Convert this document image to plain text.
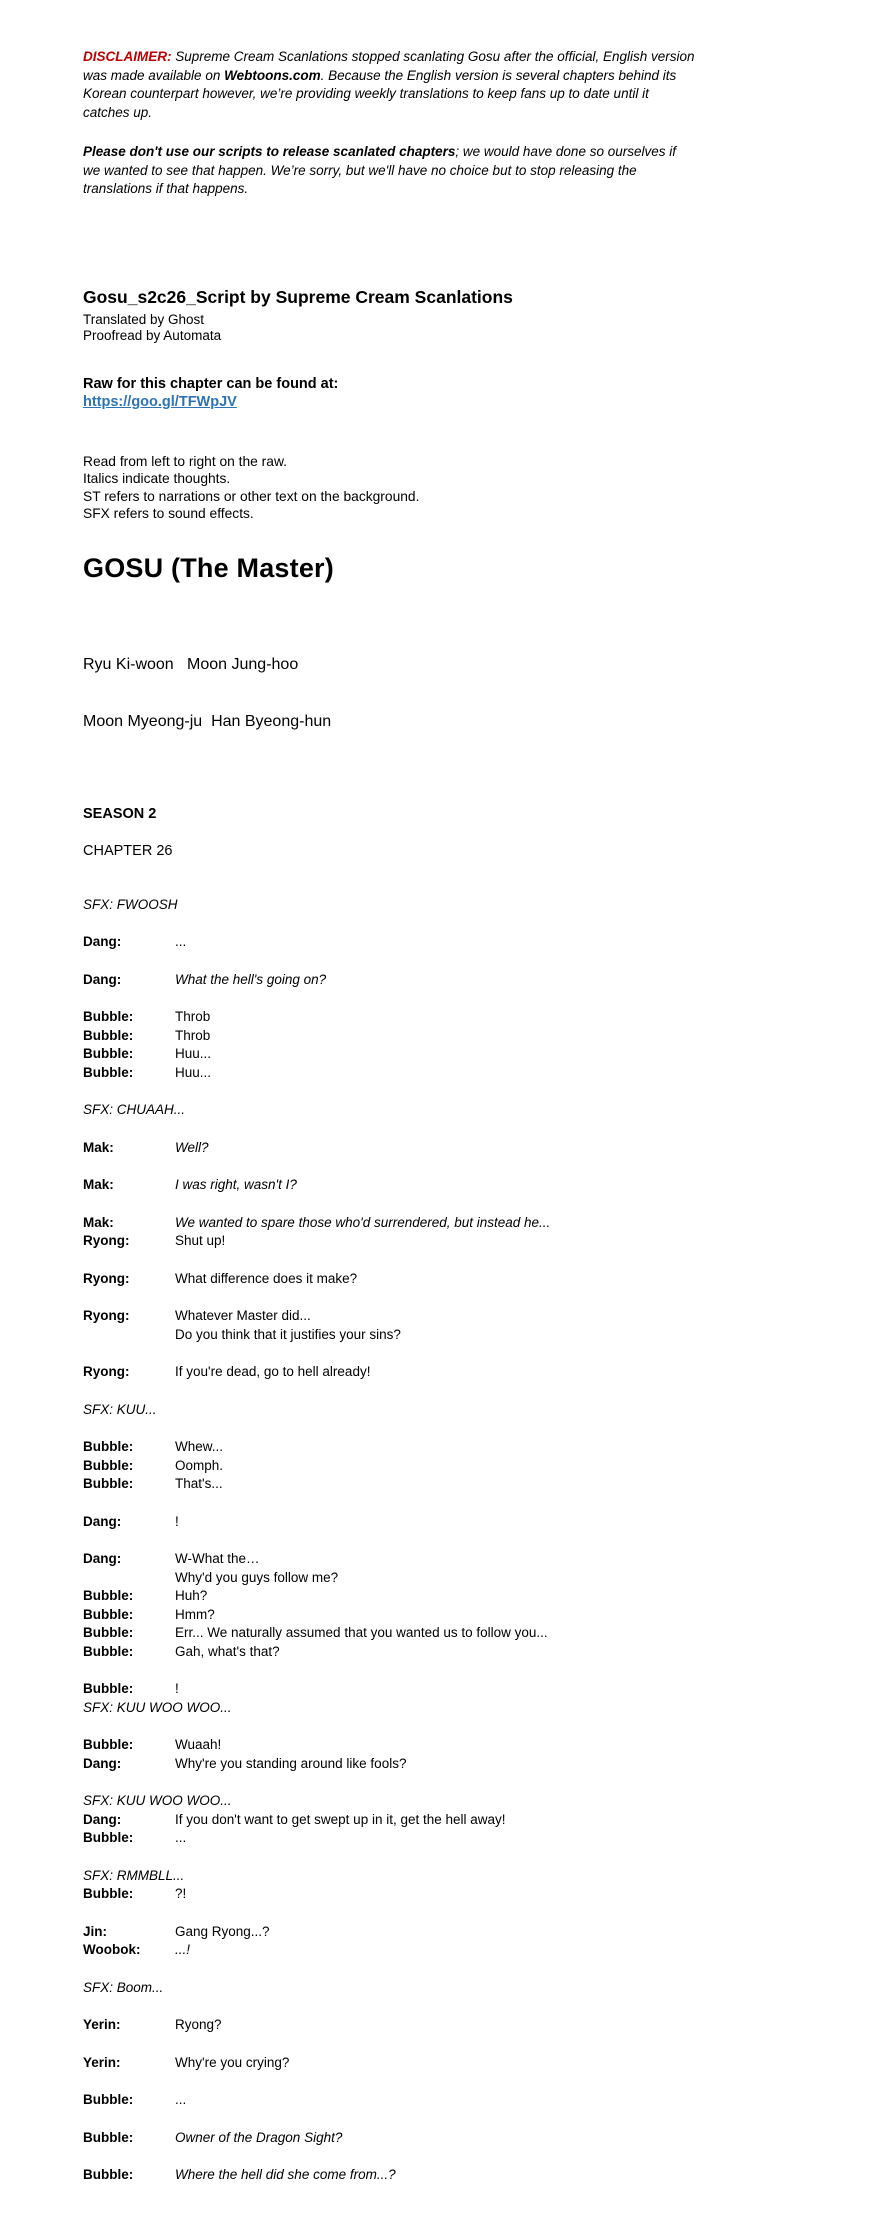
DISCLAIMER: Supreme Cream Scanlations stopped scanlating Gosu after the official, English version was made available on Webtoons.com. Because the English version is several chapters behind its Korean counterpart however, we’re providing weekly translations to keep fans up to date until it catches up.

Please don't use our scripts to release scanlated chapters; we would have done so ourselves if we wanted to see that happen. We’re sorry, but we'll have no choice but to stop releasing the translations if that happens.

Gosu_s2c26_Script by Supreme Cream Scanlations

Translated by Ghost

Proofread by Automata

Raw for this chapter can be found at:

https://goo.gl/TFWpJV
Read from left to right on the raw.
Italics indicate thoughts.
ST refers to narrations or other text on the background.
SFX refers to sound effects.
GOSU (The Master)

Ryu Ki-woon   Moon Jung-hoo

Moon Myeong-ju  Han Byeong-hun

SEASON 2
CHAPTER 26
SFX: FWOOSH
Dang:	...
Dang:	What the hell's going on?
Bubble:	Throb
Bubble:	Throb
Bubble:	Huu...
Bubble:	Huu...
SFX: CHUAAH...
Mak:	Well?
Mak:	I was right, wasn't I?
Mak:	We wanted to spare those who'd surrendered, but instead he...
Ryong:	Shut up!
Ryong:	What difference does it make?
Ryong:	Whatever Master did...
Do you think that it justifies your sins?
Ryong:	If you're dead, go to hell already!
SFX: KUU...
Bubble:	Whew...
Bubble:	Oomph.
Bubble:	That's...
Dang:	!
Dang:	W-What the…
Why'd you guys follow me?
Bubble:	Huh?
Bubble:	Hmm?
Bubble:	Err... We naturally assumed that you wanted us to follow you...
Bubble:	Gah, what's that?
Bubble:	!
SFX: KUU WOO WOO...
Bubble:	Wuaah!
Dang:	Why're you standing around like fools?
SFX: KUU WOO WOO...
Dang:	If you don't want to get swept up in it, get the hell away!
Bubble:	...
SFX: RMMBLL...
Bubble:	?!
Jin:	Gang Ryong...?
Woobok:	...!
SFX: Boom...
Yerin:	Ryong?
Yerin:	Why're you crying?
Bubble:	...
Bubble:	Owner of the Dragon Sight?
Bubble:	Where the hell did she come from...?
